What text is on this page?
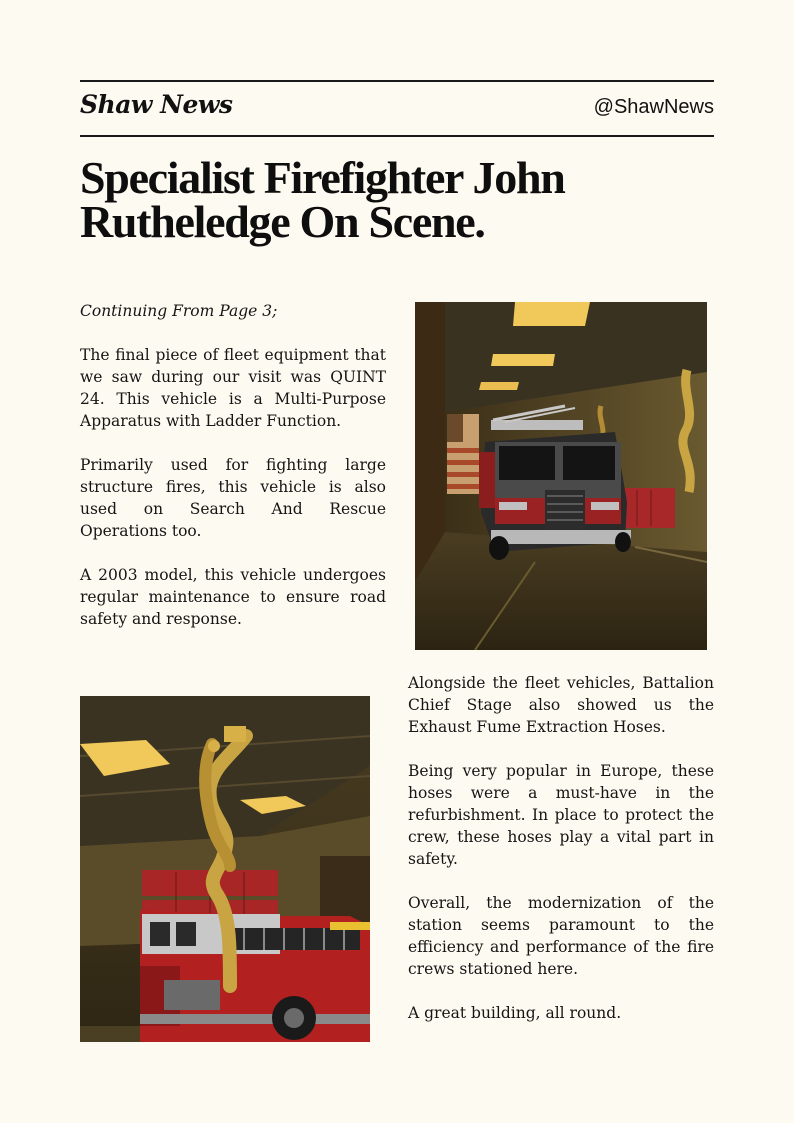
Shaw News	@ShawNews
Specialist Firefighter John Rutheledge On Scene.

Continuing From Page 3;

The final piece of fleet equipment that we saw during our visit was QUINT 24. This vehicle is a Multi-Purpose Apparatus with Ladder Function.

Primarily used for fighting large structure fires, this vehicle is also used on Search And Rescue Operations too.

A 2003 model, this vehicle undergoes regular maintenance to ensure road safety and response.

Alongside the fleet vehicles, Battalion Chief Stage also showed us the Exhaust Fume Extraction Hoses.

Being very popular in Europe, these hoses were a must-have in the refurbishment. In place to protect the crew, these hoses play a vital part in safety.

Overall, the modernization of the station seems paramount to the efficiency and performance of the fire crews stationed here.

A great building, all round.
